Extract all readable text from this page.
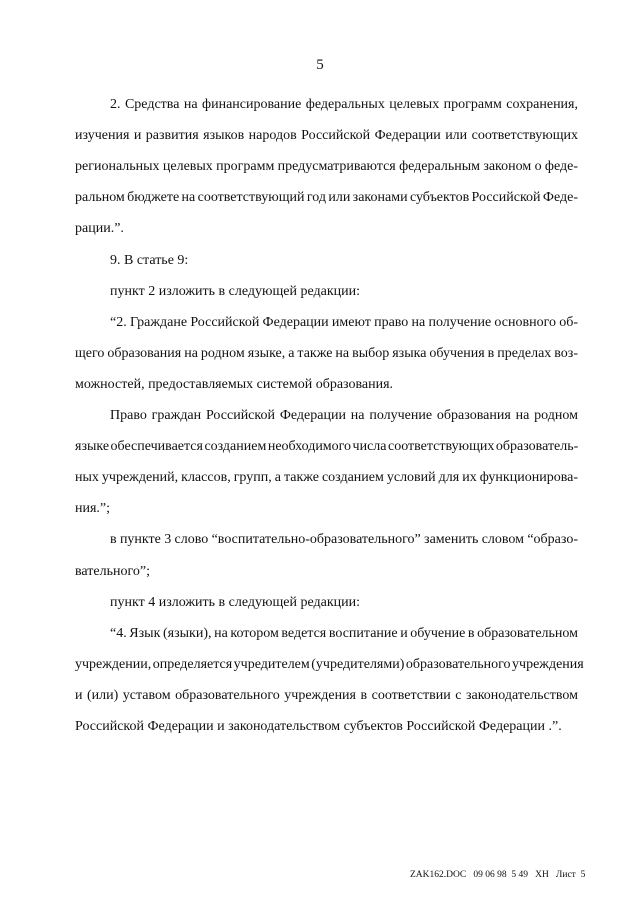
5
2. Средства на финансирование федеральных целевых программ сохранения,
изучения и развития языков народов Российской Федерации или соответствующих
региональных целевых программ предусматриваются федеральным законом о феде-
ральном бюджете на соответствующий год или законами субъектов Российской Феде-
рации.”.
9. В статье 9:
пункт 2 изложить в следующей редакции:
“2. Граждане Российской Федерации имеют право на получение основного об-
щего образования на родном языке, а также на выбор языка обучения в пределах воз-
можностей, предоставляемых системой образования.
Право граждан Российской Федерации на получение образования на родном
языке обеспечивается созданием необходимого числа соответствующих образователь-
ных учреждений, классов, групп, а также созданием условий для их функционирова-
ния.”;
в пункте 3 слово “воспитательно-образовательного” заменить словом “образо-
вательного”;
пункт 4 изложить в следующей редакции:
“4. Язык (языки), на котором ведется воспитание и обучение в образовательном
учреждении, определяется учредителем (учредителями) образовательного учреждения
и (или) уставом образовательного учреждения в соответствии с законодательством
Российской Федерации и законодательством субъектов Российской Федерации .”.
ZAK162.DOC   09 06 98  5 49   XH   Лист  5
